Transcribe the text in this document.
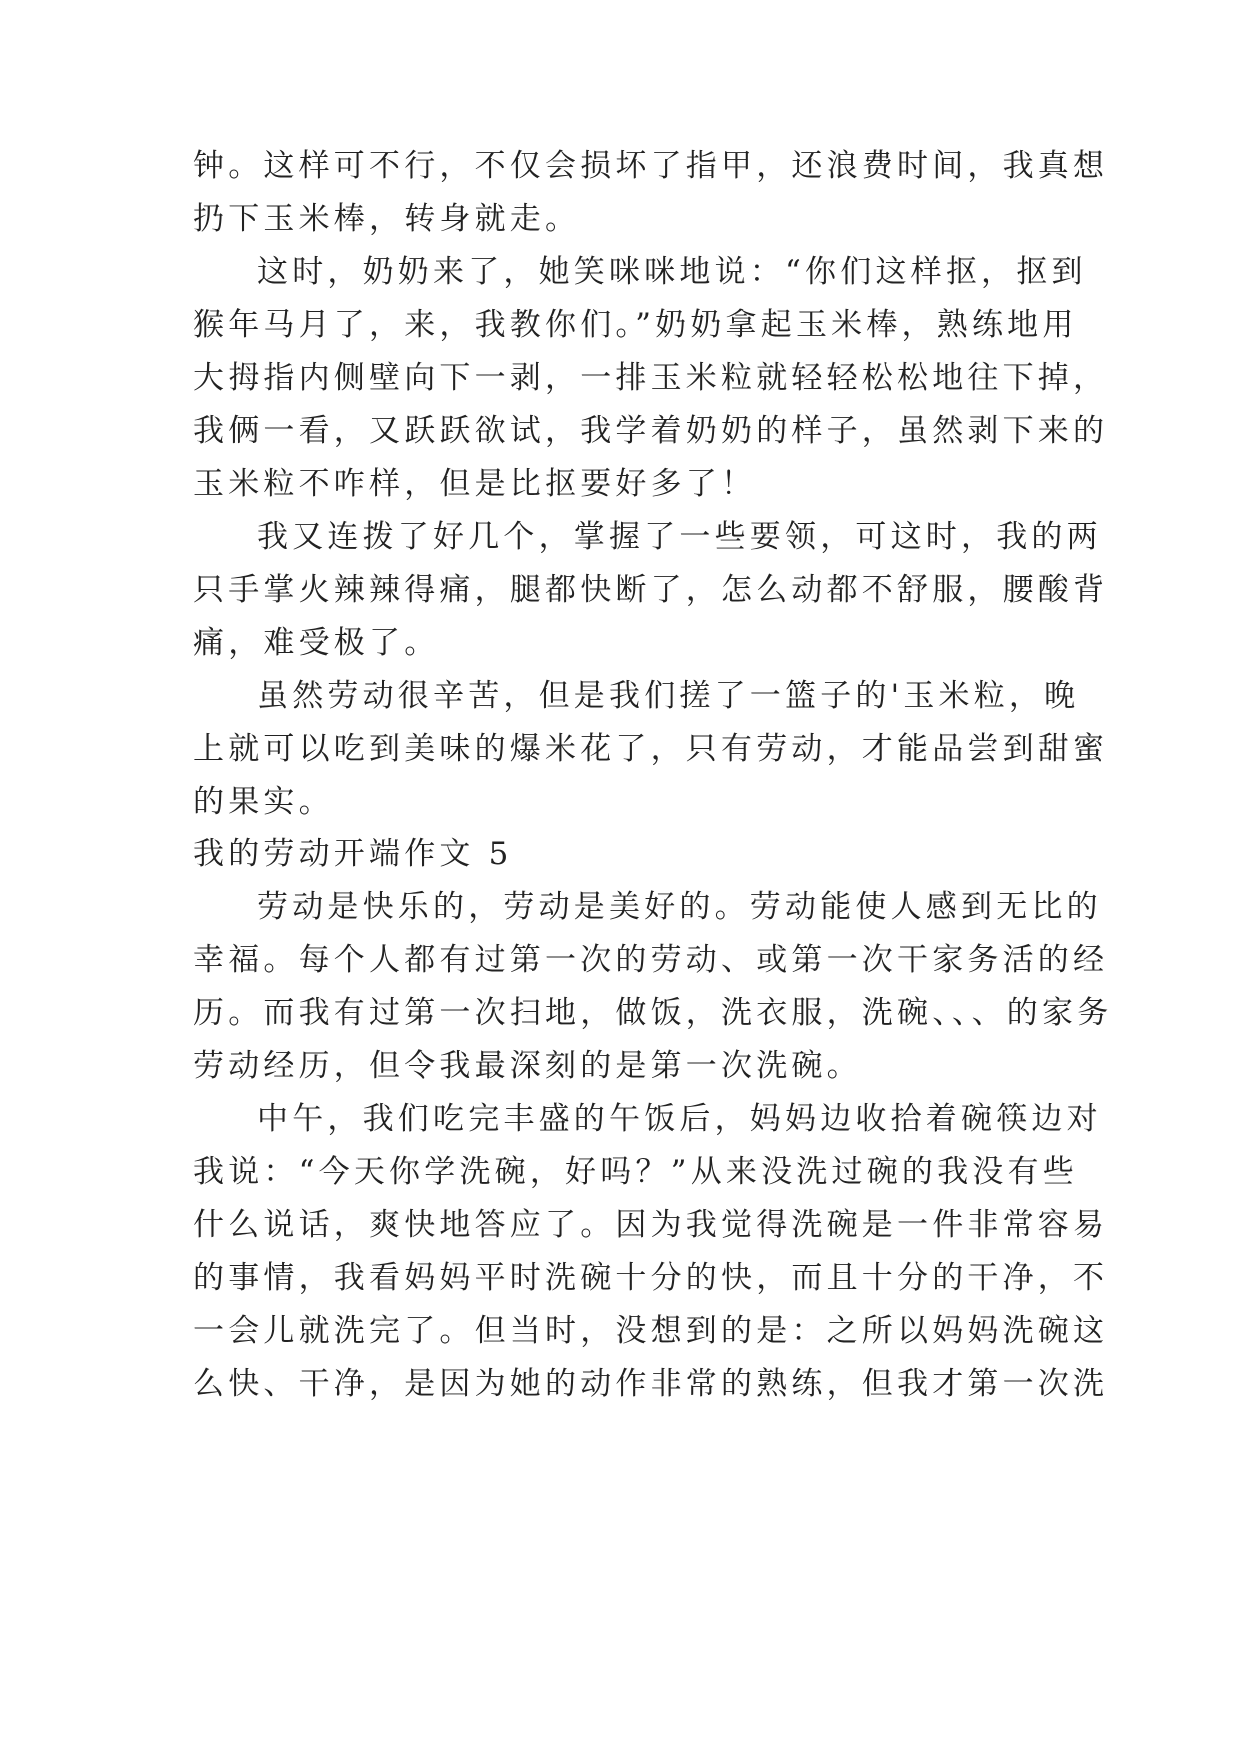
钟。这样可不行，不仅会损坏了指甲，还浪费时间，我真想
扔下玉米棒，转身就走。
这时，奶奶来了，她笑咪咪地说：“你们这样抠，抠到
猴年马月了，来，我教你们。”奶奶拿起玉米棒，熟练地用
大拇指内侧壁向下一剥，一排玉米粒就轻轻松松地往下掉，
我俩一看，又跃跃欲试，我学着奶奶的样子，虽然剥下来的
玉米粒不咋样，但是比抠要好多了！
我又连拨了好几个，掌握了一些要领，可这时，我的两
只手掌火辣辣得痛，腿都快断了，怎么动都不舒服，腰酸背
痛，难受极了。
虽然劳动很辛苦，但是我们搓了一篮子的'玉米粒，晚
上就可以吃到美味的爆米花了，只有劳动，才能品尝到甜蜜
的果实。
我的劳动开端作文 5
劳动是快乐的，劳动是美好的。劳动能使人感到无比的
幸福。每个人都有过第一次的劳动、或第一次干家务活的经
历。而我有过第一次扫地，做饭，洗衣服，洗碗、、、的家务
劳动经历，但令我最深刻的是第一次洗碗。
中午，我们吃完丰盛的午饭后，妈妈边收拾着碗筷边对
我说：“今天你学洗碗，好吗？”从来没洗过碗的我没有些
什么说话，爽快地答应了。因为我觉得洗碗是一件非常容易
的事情，我看妈妈平时洗碗十分的快，而且十分的干净，不
一会儿就洗完了。但当时，没想到的是：之所以妈妈洗碗这
么快、干净，是因为她的动作非常的熟练，但我才第一次洗
